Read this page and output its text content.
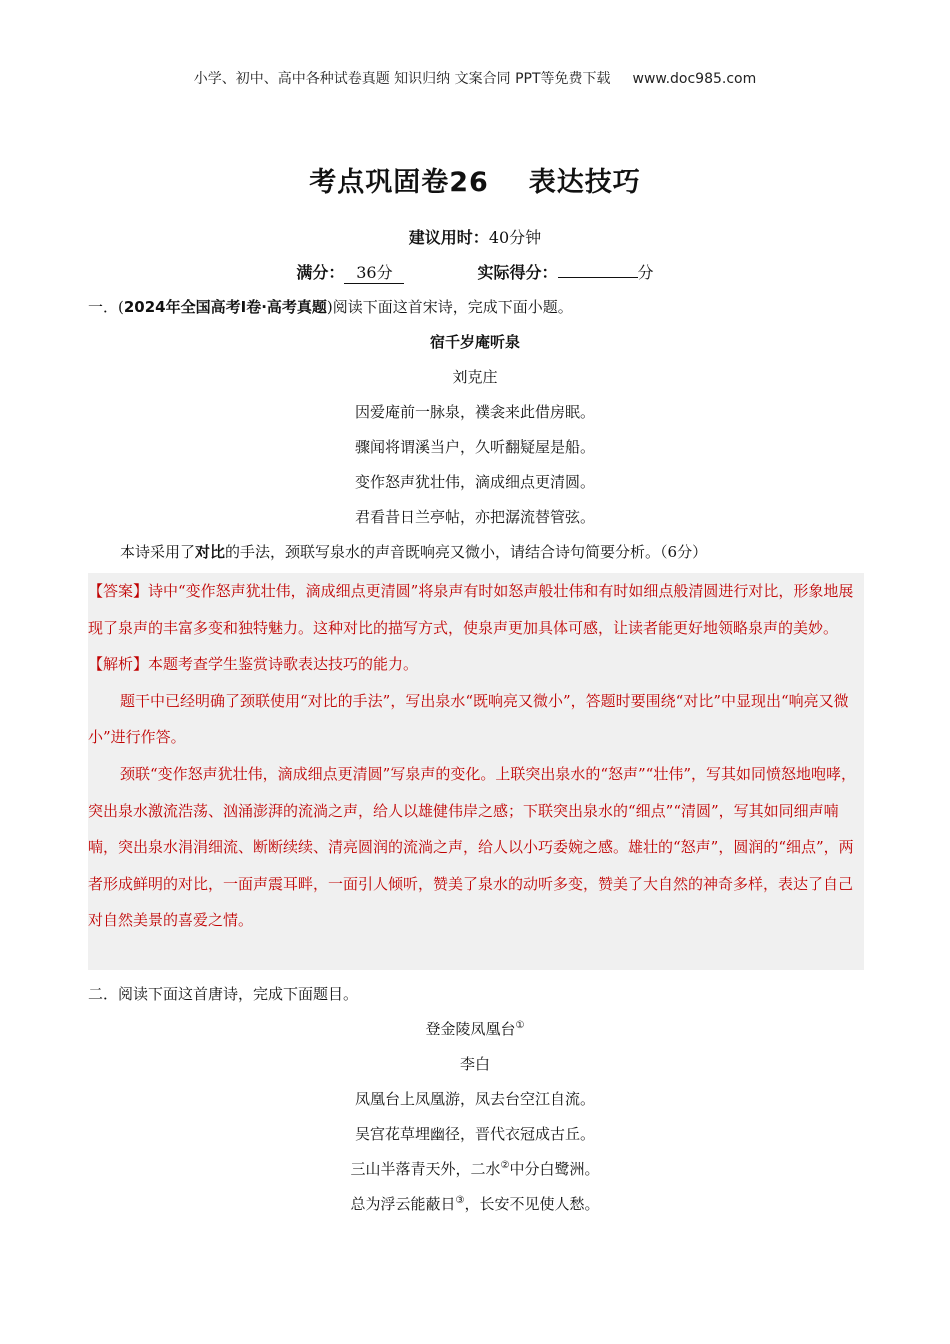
小学、初中、高中各种试卷真题 知识归纳 文案合同 PPT等免费下载 www.doc985.com
考点巩固卷26 表达技巧
建议用时：40分钟
满分： 36分	实际得分：	分
一．(2024年全国高考Ⅰ卷·高考真题)阅读下面这首宋诗，完成下面小题。
宿千岁庵听泉
刘克庄
因爱庵前一脉泉，襆衾来此借房眠。
骤闻将谓溪当户，久听翻疑屋是船。
变作怒声犹壮伟，滴成细点更清圆。
君看昔日兰亭帖，亦把潺流替管弦。
本诗采用了对比的手法，颈联写泉水的声音既响亮又微小，请结合诗句简要分析。（6分）

【答案】诗中“变作怒声犹壮伟，滴成细点更清圆”将泉声有时如怒声般壮伟和有时如细点般清圆进行对比，形象地展现了泉声的丰富多变和独特魅力。这种对比的描写方式，使泉声更加具体可感，让读者能更好地领略泉声的美妙。

【解析】本题考查学生鉴赏诗歌表达技巧的能力。

题干中已经明确了颈联使用“对比的手法”，写出泉水“既响亮又微小”，答题时要围绕“对比”中显现出“响亮又微小”进行作答。

颈联“变作怒声犹壮伟，滴成细点更清圆”写泉声的变化。上联突出泉水的“怒声”“壮伟”，写其如同愤怒地咆哮，突出泉水激流浩荡、汹涌澎湃的流淌之声，给人以雄健伟岸之感；下联突出泉水的“细点”“清圆”，写其如同细声喃喃，突出泉水涓涓细流、断断续续、清亮圆润的流淌之声，给人以小巧委婉之感。雄壮的“怒声”，圆润的“细点”，两者形成鲜明的对比，一面声震耳畔，一面引人倾听，赞美了泉水的动听多变，赞美了大自然的神奇多样，表达了自己对自然美景的喜爱之情。

二．阅读下面这首唐诗，完成下面题目。
登金陵凤凰台①
李白
凤凰台上凤凰游，凤去台空江自流。
吴宫花草埋幽径，晋代衣冠成古丘。
三山半落青天外，二水②中分白鹭洲。
总为浮云能蔽日③，长安不见使人愁。
